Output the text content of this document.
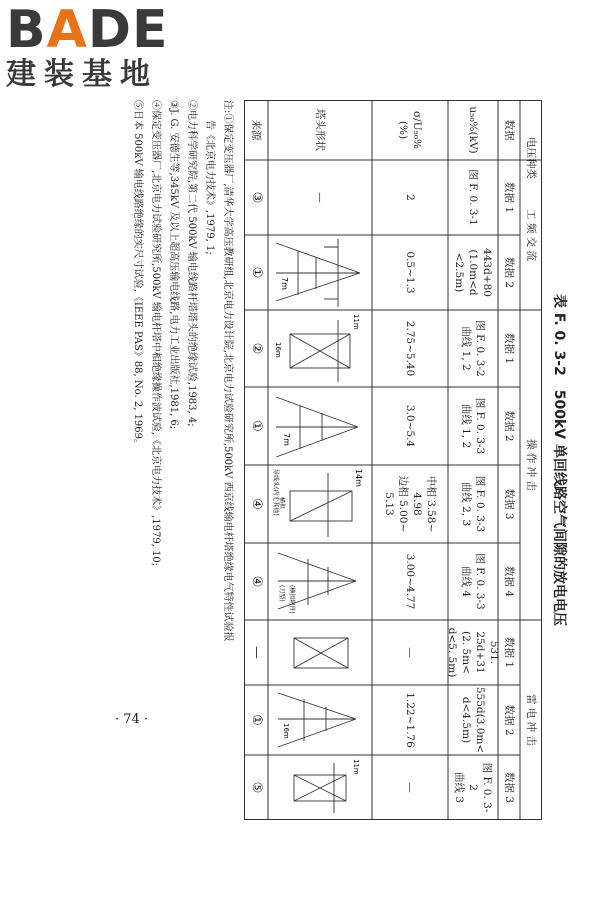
BADE
建装基地
· 74 ·
表 F. 0. 3-2　500kV 单回线路空气间隙的放电电压
电压种类
工 频 交 流
操 作 冲 击
雷 电 冲 击
数据
数据 1
数据 2
数据 1
数据 2
数据 3
数据 4
数据 1
数据 2
数据 3
u₅₀%(kV)
图 F. 0. 3-1
443d+80
(1.0m<d
<2.5m)
图 F. 0. 3-2
曲线 1, 2
图 F. 0. 3-3
曲线 1, 2
图 F. 0. 3-3
曲线 2, 3
图 F. 0. 3-3
曲线 4
531. 25d+31
(2. 5m<
d<5. 5m)
555d(3.0m<
d<4.5m)
图 F. 0. 3-
2
曲线 3
σ/U₅₀%
(%)
2
0.5~1.3
2.75~5.40
3.0~5.4
中相 3.58~
4.98
边相 5.00~
5.13
3.00~4.77
—
1.22~1.76
—
塔头形状
—
7m
11m
16m
7m
14m
横担
导线头(内无其他)
(横担附件)
(刀型)
16m
11m
来源
③
①
②
①
④
④
—
①
⑤
注:①保定变压器厂,清华大学高压教研组,北京电力设计院,北京电力试验研究所,500kV 西京线输电杆塔绝缘电气特性试验报
　　告《北京电力技术》,1979, 1;
②电力科学研究院,第二代 500kV 输电线路杆塔塔头的绝缘试验,1983, 4;
③J. G. 安德生等,345kV 及以上超高压输电线路,电力工业出版社,1981, 6;
④保定变压器厂,北京电力试验研究所,500kV 输电杆塔中相绝缘操作波试验,《北京电力技术》,1979, 10;
⑤日本 500kV 输电线路绝缘的实尺寸试验,《IEEE PAS》88, No. 2, 1969。
